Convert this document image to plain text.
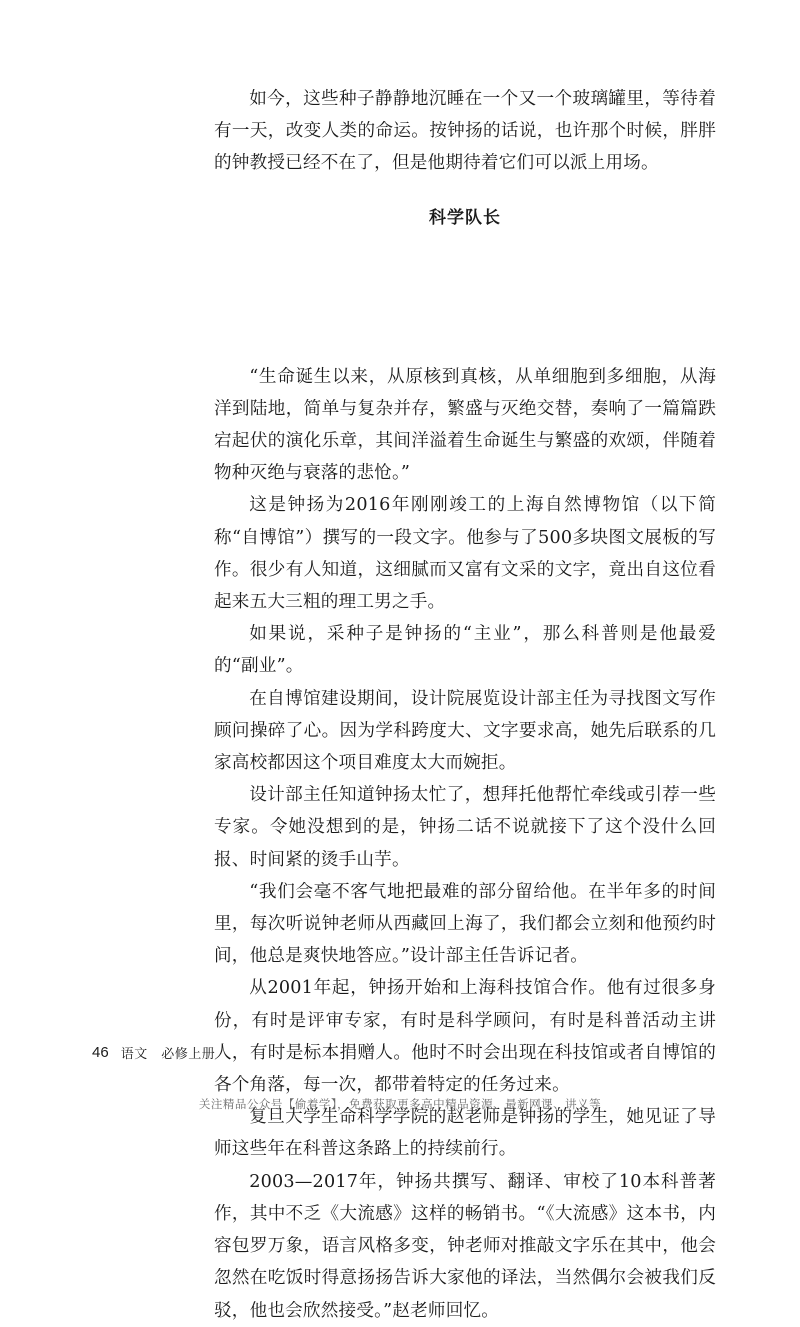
如今，这些种子静静地沉睡在一个又一个玻璃罐里，等待着有一天，改变人类的命运。按钟扬的话说，也许那个时候，胖胖的钟教授已经不在了，但是他期待着它们可以派上用场。

科学队长

“生命诞生以来，从原核到真核，从单细胞到多细胞，从海洋到陆地，简单与复杂并存，繁盛与灭绝交替，奏响了一篇篇跌宕起伏的演化乐章，其间洋溢着生命诞生与繁盛的欢颂，伴随着物种灭绝与衰落的悲怆。”

这是钟扬为2016年刚刚竣工的上海自然博物馆（以下简称“自博馆”）撰写的一段文字。他参与了500多块图文展板的写作。很少有人知道，这细腻而又富有文采的文字，竟出自这位看起来五大三粗的理工男之手。

如果说，采种子是钟扬的“主业”，那么科普则是他最爱的“副业”。

在自博馆建设期间，设计院展览设计部主任为寻找图文写作顾问操碎了心。因为学科跨度大、文字要求高，她先后联系的几家高校都因这个项目难度太大而婉拒。

设计部主任知道钟扬太忙了，想拜托他帮忙牵线或引荐一些专家。令她没想到的是，钟扬二话不说就接下了这个没什么回报、时间紧的烫手山芋。

“我们会毫不客气地把最难的部分留给他。在半年多的时间里，每次听说钟老师从西藏回上海了，我们都会立刻和他预约时间，他总是爽快地答应。”设计部主任告诉记者。

从2001年起，钟扬开始和上海科技馆合作。他有过很多身份，有时是评审专家，有时是科学顾问，有时是科普活动主讲人，有时是标本捐赠人。他时不时会出现在科技馆或者自博馆的各个角落，每一次，都带着特定的任务过来。

复旦大学生命科学学院的赵老师是钟扬的学生，她见证了导师这些年在科普这条路上的持续前行。

2003—2017年，钟扬共撰写、翻译、审校了10本科普著作，其中不乏《大流感》这样的畅销书。“《大流感》这本书，内容包罗万象，语言风格多变，钟老师对推敲文字乐在其中，他会忽然在吃饭时得意扬扬告诉大家他的译法，当然偶尔会被我们反驳，他也会欣然接受。”赵老师回忆。

46 语文　必修上册
关注精品公众号【偷着学】，免费获取更多高中精品资源、最新网课、讲义等
